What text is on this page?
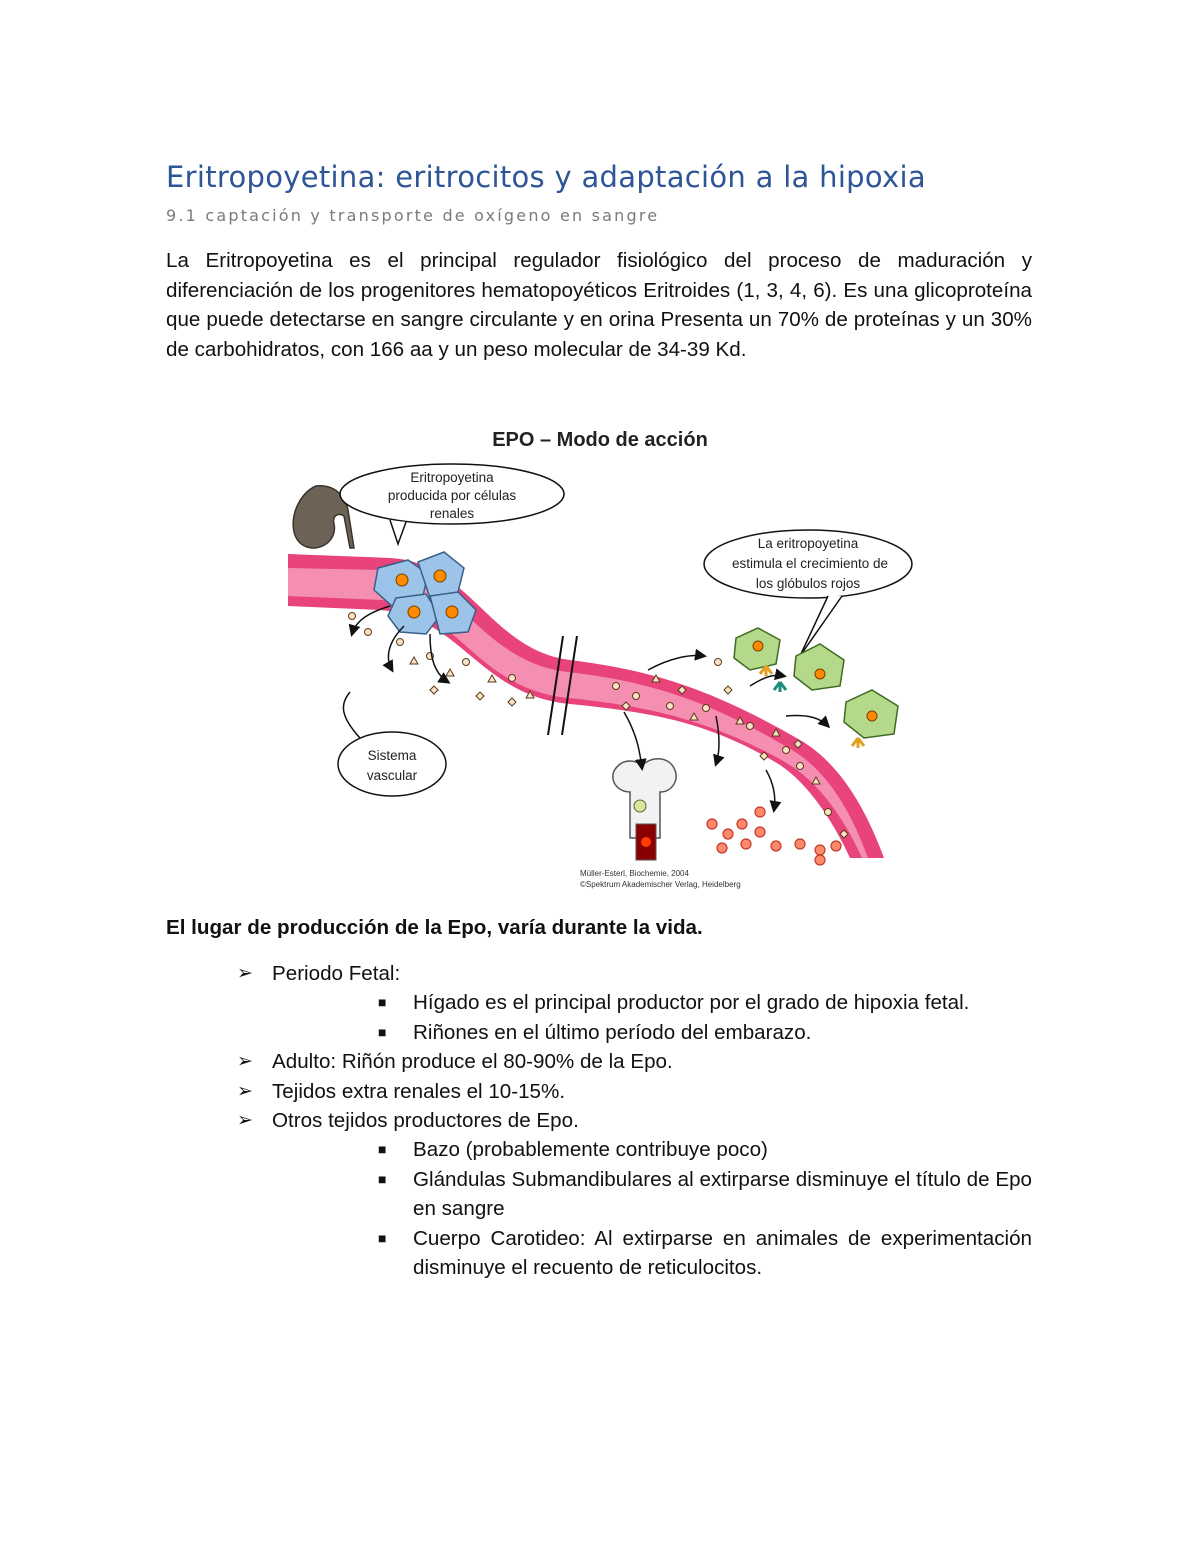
Eritropoyetina: eritrocitos y adaptación a la hipoxia
9.1 captación y transporte de oxígeno en sangre

La Eritropoyetina es el principal regulador fisiológico del proceso de maduración y diferenciación de los progenitores hematopoyéticos Eritroides (1, 3, 4, 6). Es una glicoproteína que puede detectarse en sangre circulante y en orina Presenta un 70% de proteínas y un 30% de carbohidratos, con 166 aa y un peso molecular de 34-39 Kd.

EPO – Modo de acción
Eritropoyetina
producida por células
renales
La eritropoyetina
estimula el crecimiento de
los glóbulos rojos
Sistema
vascular
Müller-Esterl, Biochemie, 2004
©Spektrum Akademischer Verlag, Heidelberg
El lugar de producción de la Epo, varía durante la vida.
➢ Periodo Fetal:
■ Hígado es el principal productor por el grado de hipoxia fetal.
■ Riñones en el último período del embarazo.
➢ Adulto: Riñón produce el 80-90% de la Epo.
➢ Tejidos extra renales el 10-15%.
➢ Otros tejidos productores de Epo.
■ Bazo (probablemente contribuye poco)
■ Glándulas Submandibulares al extirparse disminuye el título de Epo en sangre
■ Cuerpo Carotideo: Al extirparse en animales de experimentación disminuye el recuento de reticulocitos.
